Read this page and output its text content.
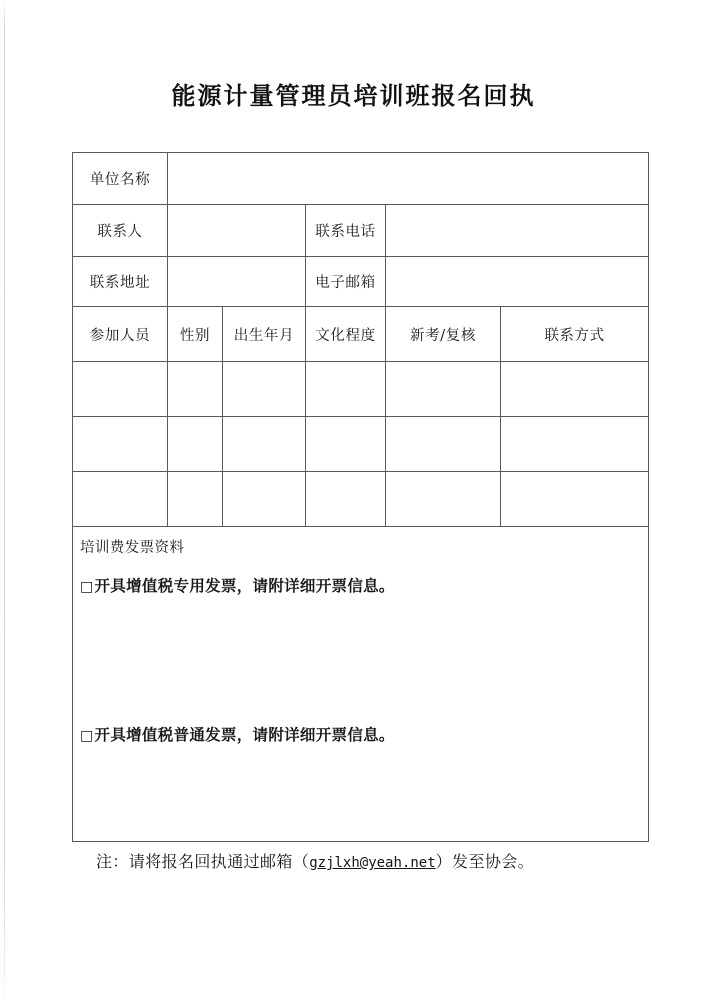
能源计量管理员培训班报名回执
单位名称					
联系人			联系电话		
联系地址			电子邮箱		
参加人员	性别	出生年月	文化程度	新考/复核	联系方式

培训费发票资料
□开具增值税专用发票，请附详细开票信息。
□开具增值税普通发票，请附详细开票信息。					
注：请将报名回执通过邮箱（gzjlxh@yeah.net）发至协会。
